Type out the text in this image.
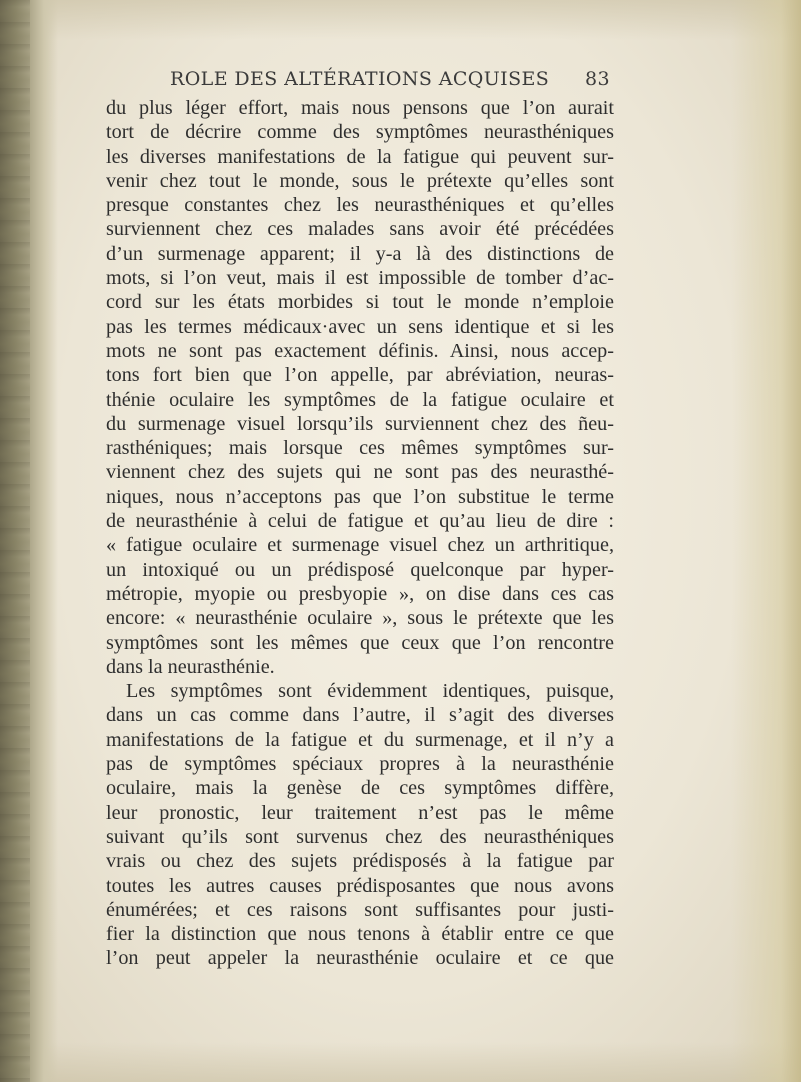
ROLE DES ALTÉRATIONS ACQUISES 83
du plus léger effort, mais nous pensons que l’on aurait
tort de décrire comme des symptômes neurasthéniques
les diverses manifestations de la fatigue qui peuvent sur-
venir chez tout le monde, sous le prétexte qu’elles sont
presque constantes chez les neurasthéniques et qu’elles
surviennent chez ces malades sans avoir été précédées
d’un surmenage apparent; il y-a là des distinctions de
mots, si l’on veut, mais il est impossible de tomber d’ac-
cord sur les états morbides si tout le monde n’emploie
pas les termes médicaux·avec un sens identique et si les
mots ne sont pas exactement définis. Ainsi, nous accep-
tons fort bien que l’on appelle, par abréviation, neuras-
thénie oculaire les symptômes de la fatigue oculaire et
du surmenage visuel lorsqu’ils surviennent chez des ñeu-
rasthéniques; mais lorsque ces mêmes symptômes sur-
viennent chez des sujets qui ne sont pas des neurasthé-
niques, nous n’acceptons pas que l’on substitue le terme
de neurasthénie à celui de fatigue et qu’au lieu de dire :
« fatigue oculaire et surmenage visuel chez un arthritique,
un intoxiqué ou un prédisposé quelconque par hyper-
métropie, myopie ou presbyopie », on dise dans ces cas
encore: « neurasthénie oculaire », sous le prétexte que les
symptômes sont les mêmes que ceux que l’on rencontre
dans la neurasthénie.
Les symptômes sont évidemment identiques, puisque,
dans un cas comme dans l’autre, il s’agit des diverses
manifestations de la fatigue et du surmenage, et il n’y a
pas de symptômes spéciaux propres à la neurasthénie
oculaire, mais la genèse de ces symptômes diffère,
leur pronostic, leur traitement n’est pas le même
suivant qu’ils sont survenus chez des neurasthéniques
vrais ou chez des sujets prédisposés à la fatigue par
toutes les autres causes prédisposantes que nous avons
énumérées; et ces raisons sont suffisantes pour justi-
fier la distinction que nous tenons à établir entre ce que
l’on peut appeler la neurasthénie oculaire et ce que
